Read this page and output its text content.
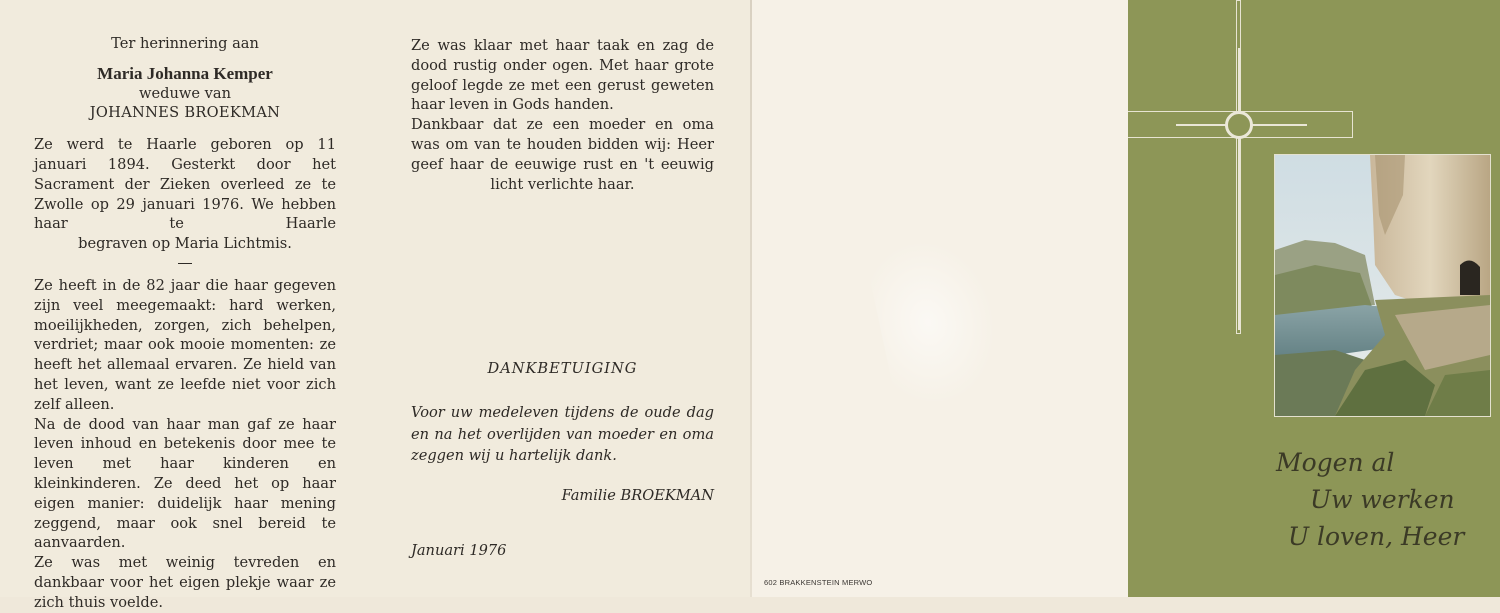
Ter herinnering aan
Maria Johanna Kemper
weduwe van
JOHANNES BROEKMAN
Ze werd te Haarle geboren op 11 januari 1894. Gesterkt door het Sacrament der Zieken overleed ze te Zwolle op 29 januari 1976. We hebben haar te Haarle
begraven op Maria Lichtmis.
Ze heeft in de 82 jaar die haar gegeven zijn veel meegemaakt: hard werken, moeilijkheden, zorgen, zich behelpen, verdriet; maar ook mooie momenten: ze heeft het allemaal ervaren. Ze hield van het leven, want ze leefde niet voor zich zelf alleen.
Na de dood van haar man gaf ze haar leven inhoud en betekenis door mee te leven met haar kinderen en kleinkinderen. Ze deed het op haar eigen manier: duidelijk haar mening zeggend, maar ook snel bereid te aanvaarden.
Ze was met weinig tevreden en dankbaar voor het eigen plekje waar ze zich thuis voelde.
Ze was klaar met haar taak en zag de dood rustig onder ogen. Met haar grote geloof legde ze met een gerust geweten haar leven in Gods handen.
Dankbaar dat ze een moeder en oma was om van te houden bidden wij: Heer geef haar de eeuwige rust en 't eeuwig
licht verlichte haar.
DANKBETUIGING
Voor uw medeleven tijdens de oude dag en na het overlijden van moeder en oma zeggen wij u hartelijk dank.
Familie BROEKMAN
Januari 1976
602 BRAKKENSTEIN MERWO
Mogen al
Uw werken
U loven, Heer
